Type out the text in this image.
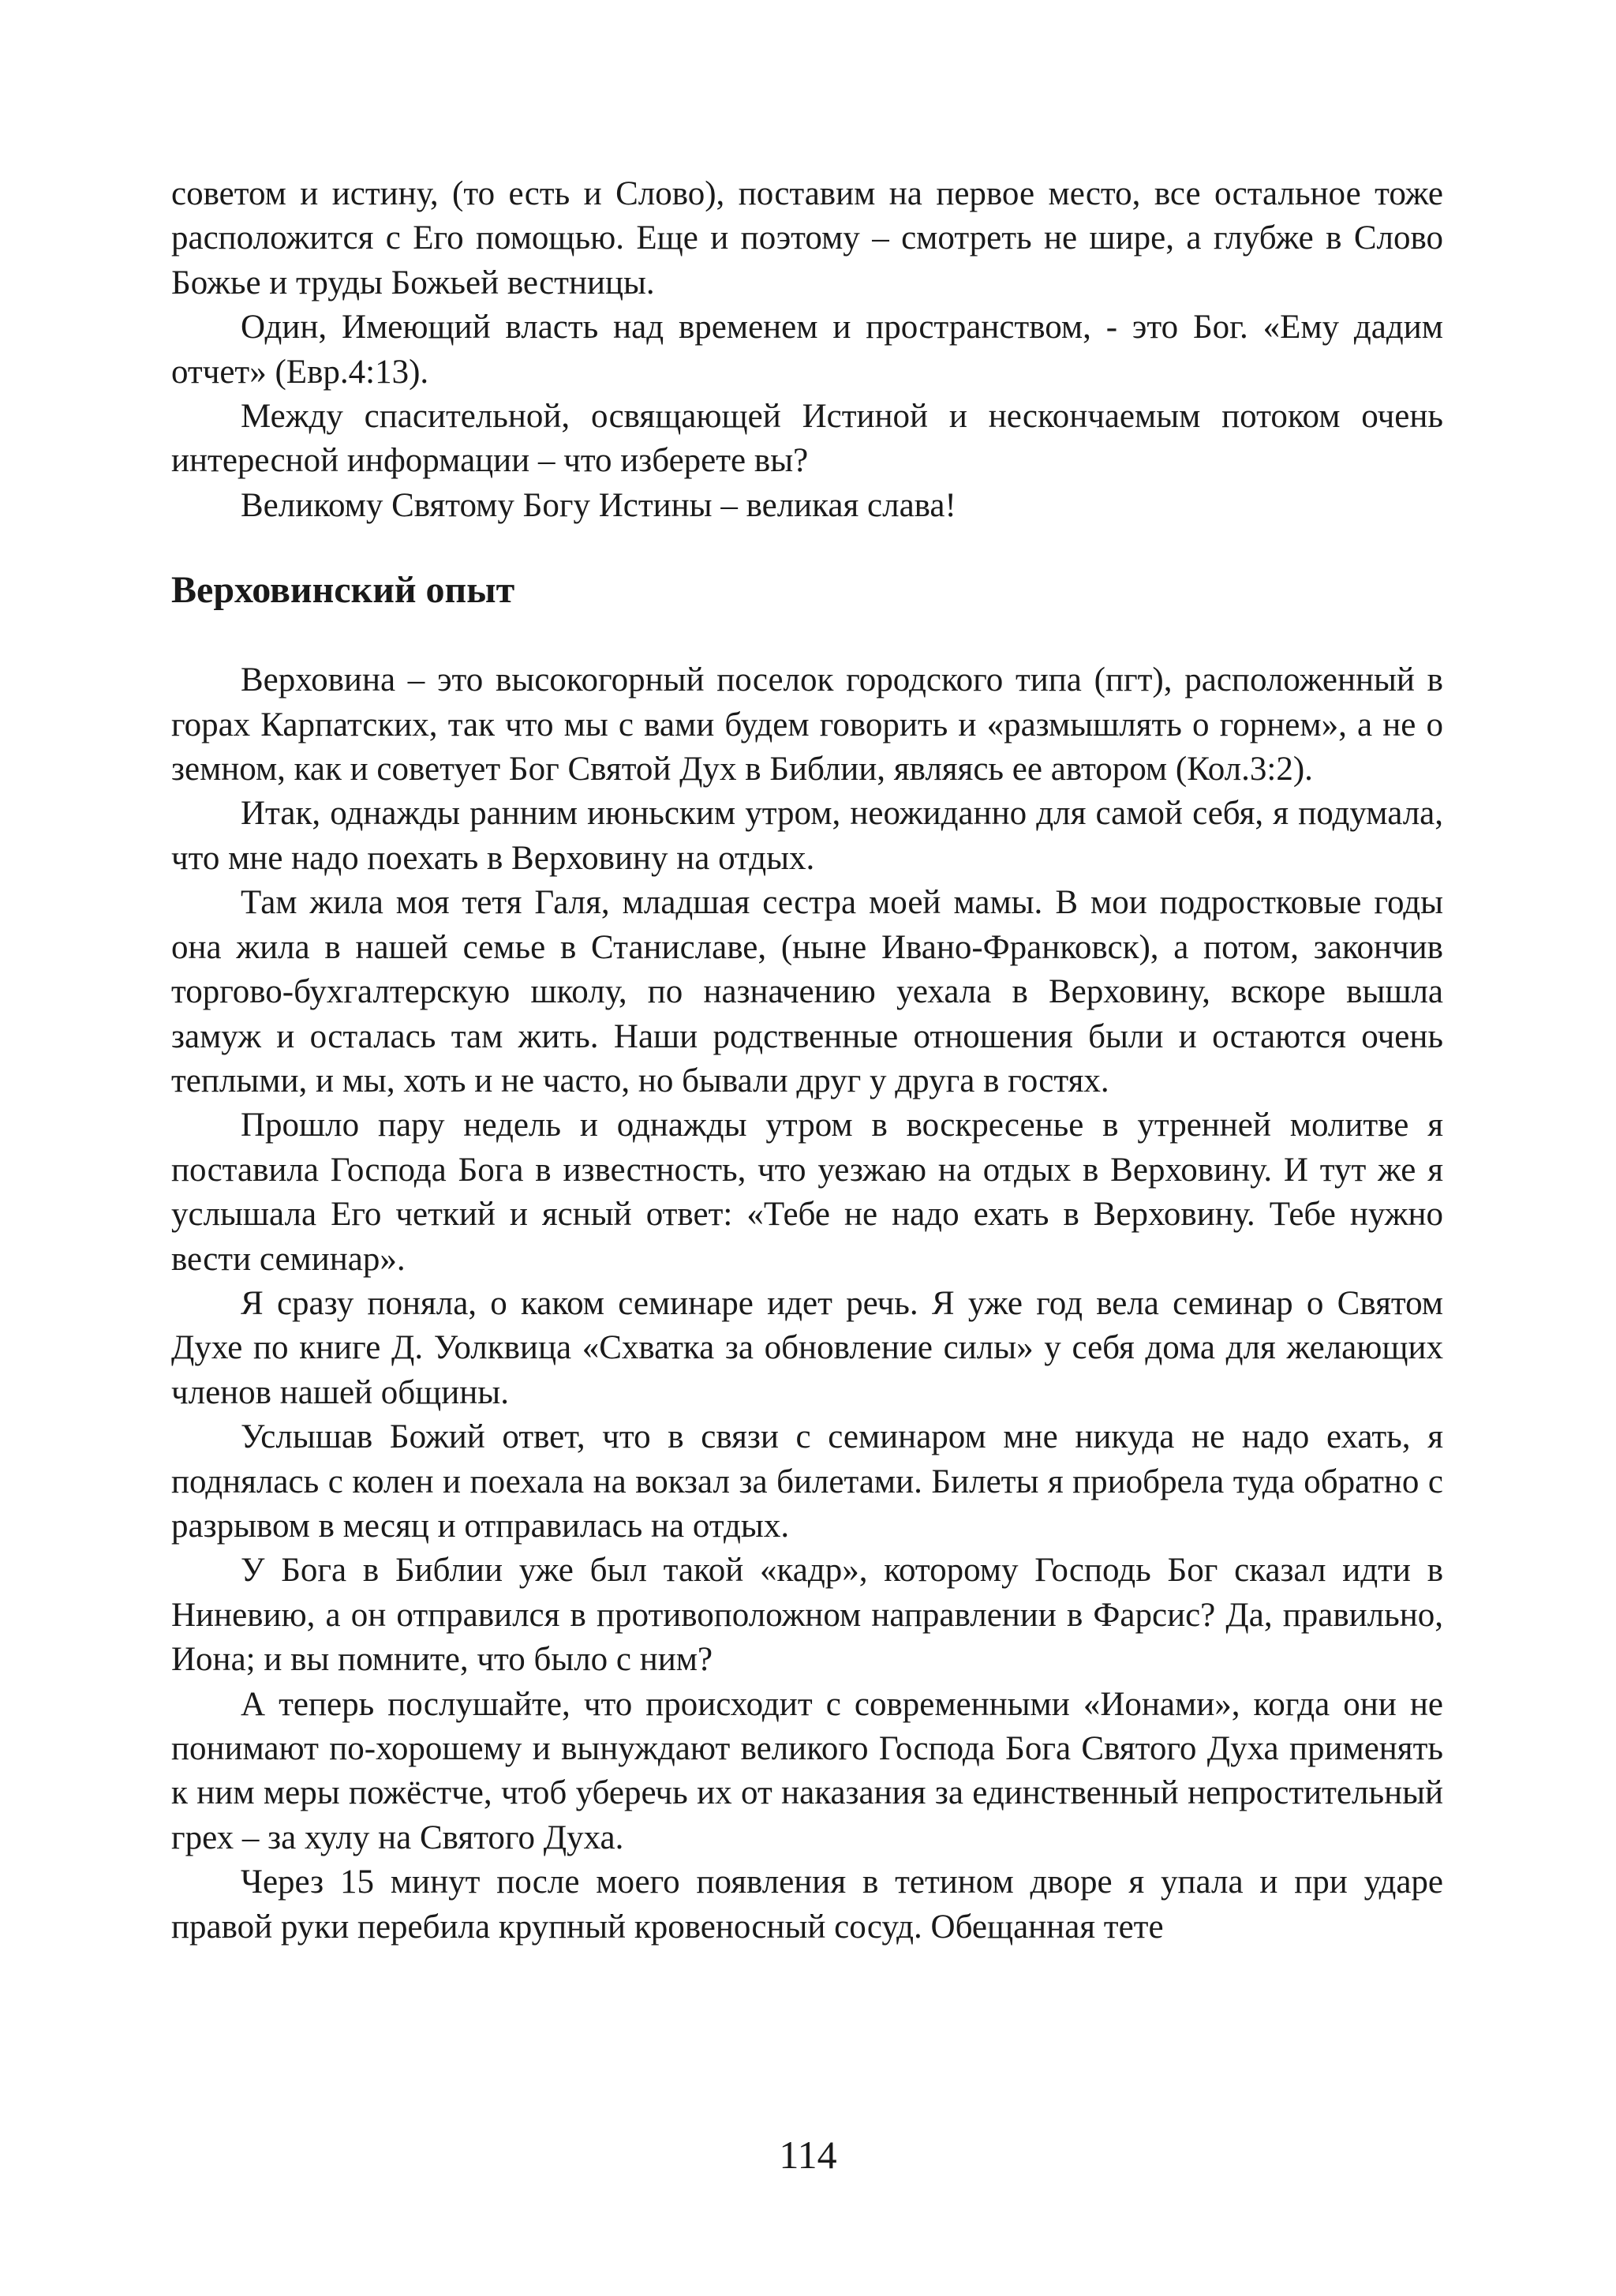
советом и истину, (то есть и Слово), поставим на первое место, все остальное тоже расположится с Его помощью. Еще и поэтому – смотреть не шире, а глубже в Слово Божье и труды Божьей вестницы.

Один, Имеющий власть над временем и пространством, - это Бог. «Ему дадим отчет» (Евр.4:13).

Между спасительной, освящающей Истиной и нескончаемым потоком очень интересной информации – что изберете вы?

Великому Святому Богу Истины – великая слава!

Верховинский опыт

Верховина – это высокогорный поселок городского типа (пгт), расположенный в горах Карпатских, так что мы с вами будем говорить и «размышлять о горнем», а не о земном, как и советует Бог Святой Дух в Библии, являясь ее автором (Кол.3:2).

Итак, однажды ранним июньским утром, неожиданно для самой себя, я подумала, что мне надо поехать в Верховину на отдых.

Там жила моя тетя Галя, младшая сестра моей мамы. В мои подростковые годы она жила в нашей семье в Станиславе, (ныне Ивано-Франковск), а потом, закончив торгово-бухгалтерскую школу, по назначению уехала в Верховину, вскоре вышла замуж и осталась там жить. Наши родственные отношения были и остаются очень теплыми, и мы, хоть и не часто, но бывали друг у друга в гостях.

Прошло пару недель и однажды утром в воскресенье в утренней молитве я поставила Господа Бога в известность, что уезжаю на отдых в Верховину. И тут же я услышала Его четкий и ясный ответ: «Тебе не надо ехать в Верховину. Тебе нужно вести семинар».

Я сразу поняла, о каком семинаре идет речь. Я уже год вела семинар о Святом Духе по книге Д. Уолквица «Схватка за обновление силы» у себя дома для желающих членов нашей общины.

Услышав Божий ответ, что в связи с семинаром мне никуда не надо ехать, я поднялась с колен и поехала на вокзал за билетами. Билеты я приобрела туда обратно с разрывом в месяц и отправилась на отдых.

У Бога в Библии уже был такой «кадр», которому Господь Бог сказал идти в Ниневию, а он отправился в противоположном направлении в Фарсис? Да, правильно, Иона; и вы помните, что было с ним?

А теперь послушайте, что происходит с современными «Ионами», когда они не понимают по-хорошему и вынуждают великого Господа Бога Святого Духа применять к ним меры пожёстче, чтоб уберечь их от наказания за единственный непростительный грех – за хулу на Святого Духа.

Через 15 минут после моего появления в тетином дворе я упала и при ударе правой руки перебила крупный кровеносный сосуд. Обещанная тете

114
